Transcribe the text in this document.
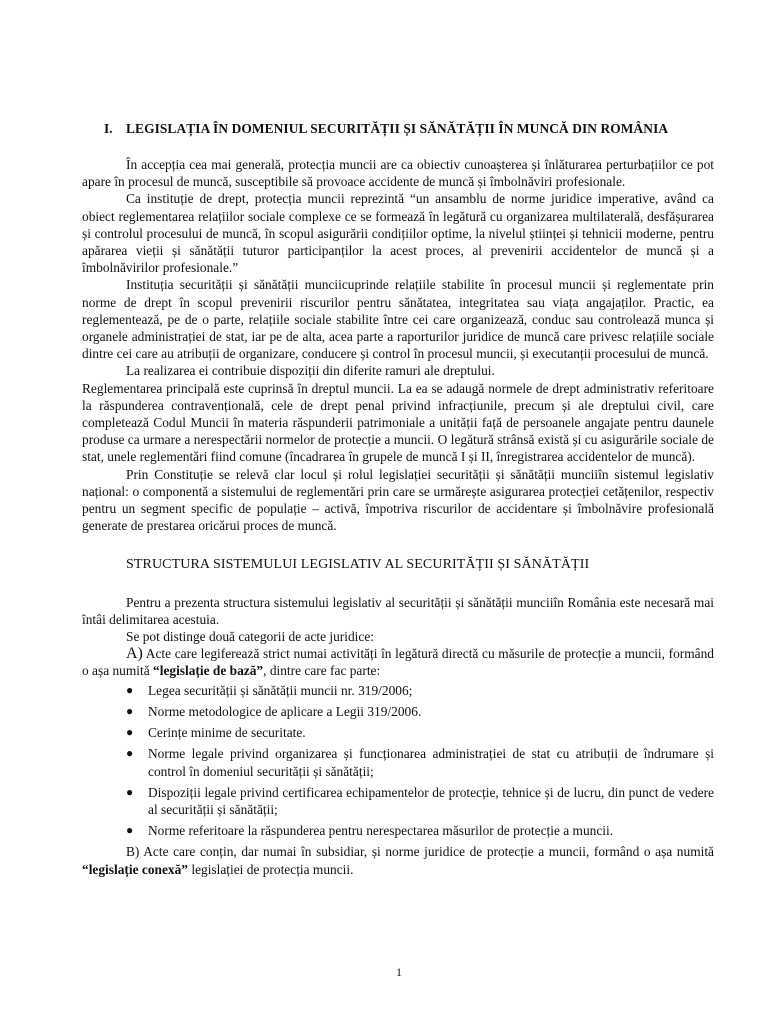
I. LEGISLAȚIA ÎN DOMENIUL SECURITĂȚII ȘI SĂNĂTĂȚII ÎN MUNCĂ DIN ROMÂNIA

În accepția cea mai generală, protecția muncii are ca obiectiv cunoașterea și înlăturarea perturbațiilor ce pot apare în procesul de muncă, susceptibile să provoace accidente de muncă și îmbolnăviri profesionale.

Ca instituție de drept, protecția muncii reprezintă “un ansamblu de norme juridice imperative, având ca obiect reglementarea relațiilor sociale complexe ce se formează în legătură cu organizarea multilaterală, desfășurarea și controlul procesului de muncă, în scopul asigurării condițiilor optime, la nivelul științei și tehnicii moderne, pentru apărarea vieții și sănătății tuturor participanților la acest proces, al prevenirii accidentelor de muncă și a îmbolnăvirilor profesionale.”

Instituția securității și sănătății munciicuprinde relațiile stabilite în procesul muncii și reglementate prin norme de drept în scopul prevenirii riscurilor pentru sănătatea, integritatea sau viața angajaților. Practic, ea reglementează, pe de o parte, relațiile sociale stabilite între cei care organizează, conduc sau controlează munca și organele administrației de stat, iar pe de alta, acea parte a raporturilor juridice de muncă care privesc relațiile sociale dintre cei care au atribuții de organizare, conducere și control în procesul muncii, și executanții procesului de muncă.

La realizarea ei contribuie dispoziții din diferite ramuri ale dreptului.

Reglementarea principală este cuprinsă în dreptul muncii. La ea se adaugă normele de drept administrativ referitoare la răspunderea contravențională, cele de drept penal privind infracțiunile, precum și ale dreptului civil, care completează Codul Muncii în materia răspunderii patrimoniale a unității față de persoanele angajate pentru daunele produse ca urmare a nerespectării normelor de protecție a muncii. O legătură strânsă există și cu asigurările sociale de stat, unele reglementări fiind comune (încadrarea în grupele de muncă I și II, înregistrarea accidentelor de muncă).

Prin Constituție se relevă clar locul și rolul legislației securității și sănătății munciiîn sistemul legislativ național: o componentă a sistemului de reglementări prin care se urmărește asigurarea protecției cetățenilor, respectiv pentru un segment specific de populație – activă, împotriva riscurilor de accidentare și îmbolnăvire profesională generate de prestarea oricărui proces de muncă.

STRUCTURA SISTEMULUI LEGISLATIV AL SECURITĂȚII ȘI SĂNĂTĂȚII

Pentru a prezenta structura sistemului legislativ al securității și sănătății munciiîn România este necesară mai întâi delimitarea acestuia.

Se pot distinge două categorii de acte juridice:

A) Acte care legiferează strict numai activități în legătură directă cu măsurile de protecție a muncii, formând o așa numită “legislație de bază”, dintre care fac parte:

● Legea securității și sănătății muncii nr. 319/2006;
● Norme metodologice de aplicare a Legii 319/2006.
● Cerințe minime de securitate.
● Norme legale privind organizarea și funcționarea administrației de stat cu atribuții de îndrumare și control în domeniul securității și sănătății;
● Dispoziții legale privind certificarea echipamentelor de protecție, tehnice și de lucru, din punct de vedere al securității și sănătății;
● Norme referitoare la răspunderea pentru nerespectarea măsurilor de protecție a muncii.

B) Acte care conțin, dar numai în subsidiar, și norme juridice de protecție a muncii, formând o așa numită “legislație conexă” legislației de protecția muncii.

1
